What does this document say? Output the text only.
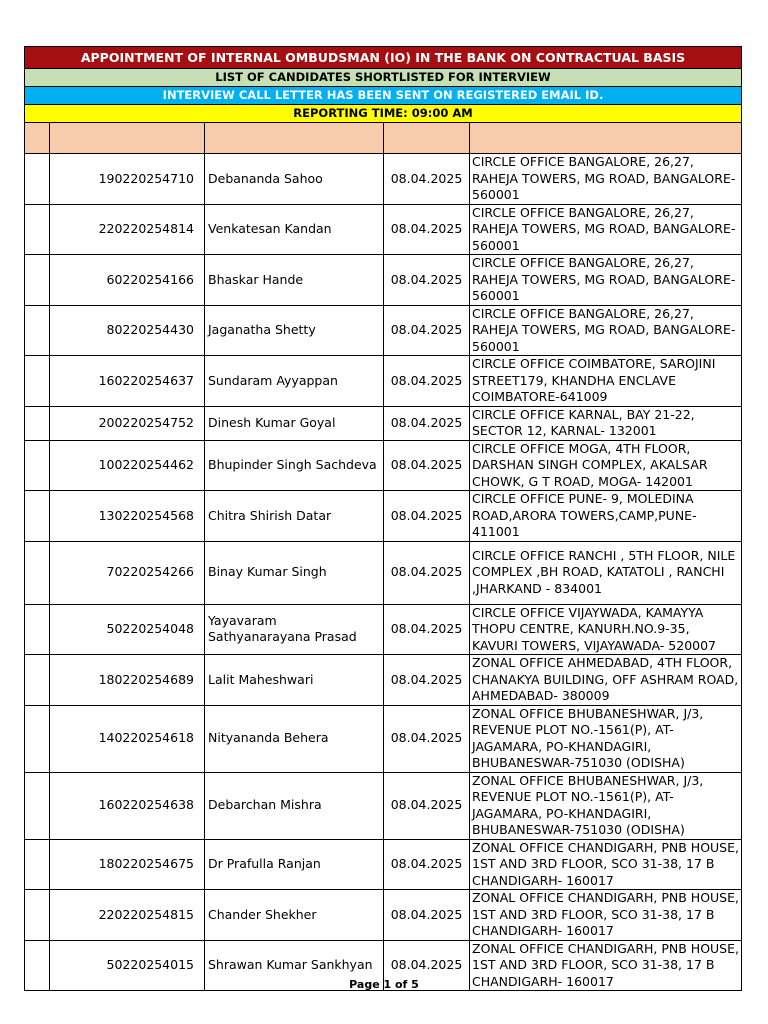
APPOINTMENT OF INTERNAL OMBUDSMAN (IO) IN THE BANK ON CONTRACTUAL BASIS
LIST OF CANDIDATES SHORTLISTED FOR INTERVIEW
INTERVIEW CALL LETTER HAS BEEN SENT ON REGISTERED EMAIL ID.
REPORTING TIME: 09:00 AM

	190220254710	Debananda Sahoo	08.04.2025	CIRCLE OFFICE BANGALORE, 26,27, RAHEJA TOWERS, MG ROAD, BANGALORE- 560001
	220220254814	Venkatesan Kandan	08.04.2025	CIRCLE OFFICE BANGALORE, 26,27, RAHEJA TOWERS, MG ROAD, BANGALORE- 560001
	60220254166	Bhaskar Hande	08.04.2025	CIRCLE OFFICE BANGALORE, 26,27, RAHEJA TOWERS, MG ROAD, BANGALORE- 560001
	80220254430	Jaganatha Shetty	08.04.2025	CIRCLE OFFICE BANGALORE, 26,27, RAHEJA TOWERS, MG ROAD, BANGALORE- 560001
	160220254637	Sundaram Ayyappan	08.04.2025	CIRCLE OFFICE COIMBATORE, SAROJINI STREET179, KHANDHA ENCLAVE COIMBATORE-641009
	200220254752	Dinesh Kumar Goyal	08.04.2025	CIRCLE OFFICE KARNAL, BAY 21-22, SECTOR 12, KARNAL- 132001
	100220254462	Bhupinder Singh Sachdeva	08.04.2025	CIRCLE OFFICE MOGA, 4TH FLOOR, DARSHAN SINGH COMPLEX, AKALSAR CHOWK, G T ROAD, MOGA- 142001
	130220254568	Chitra Shirish Datar	08.04.2025	CIRCLE OFFICE PUNE- 9, MOLEDINA ROAD,ARORA TOWERS,CAMP,PUNE- 411001
	70220254266	Binay Kumar Singh	08.04.2025	CIRCLE OFFICE RANCHI , 5TH FLOOR, NILE COMPLEX ,BH ROAD, KATATOLI , RANCHI ,JHARKAND - 834001
	50220254048	Yayavaram Sathyanarayana Prasad	08.04.2025	CIRCLE OFFICE VIJAYWADA, KAMAYYA THOPU CENTRE, KANURH.NO.9-35, KAVURI TOWERS, VIJAYAWADA- 520007
	180220254689	Lalit Maheshwari	08.04.2025	ZONAL OFFICE AHMEDABAD, 4TH FLOOR, CHANAKYA BUILDING, OFF ASHRAM ROAD, AHMEDABAD- 380009
	140220254618	Nityananda Behera	08.04.2025	ZONAL OFFICE BHUBANESHWAR, J/3, REVENUE PLOT NO.-1561(P), AT-JAGAMARA, PO-KHANDAGIRI, BHUBANESWAR-751030 (ODISHA)
	160220254638	Debarchan Mishra	08.04.2025	ZONAL OFFICE BHUBANESHWAR, J/3, REVENUE PLOT NO.-1561(P), AT-JAGAMARA, PO-KHANDAGIRI, BHUBANESWAR-751030 (ODISHA)
	180220254675	Dr Prafulla Ranjan	08.04.2025	ZONAL OFFICE CHANDIGARH, PNB HOUSE, 1ST AND 3RD FLOOR, SCO 31-38, 17 B CHANDIGARH- 160017
	220220254815	Chander Shekher	08.04.2025	ZONAL OFFICE CHANDIGARH, PNB HOUSE, 1ST AND 3RD FLOOR, SCO 31-38, 17 B CHANDIGARH- 160017
	50220254015	Shrawan Kumar Sankhyan	08.04.2025	ZONAL OFFICE CHANDIGARH, PNB HOUSE, 1ST AND 3RD FLOOR, SCO 31-38, 17 B CHANDIGARH- 160017
Page 1 of 5
